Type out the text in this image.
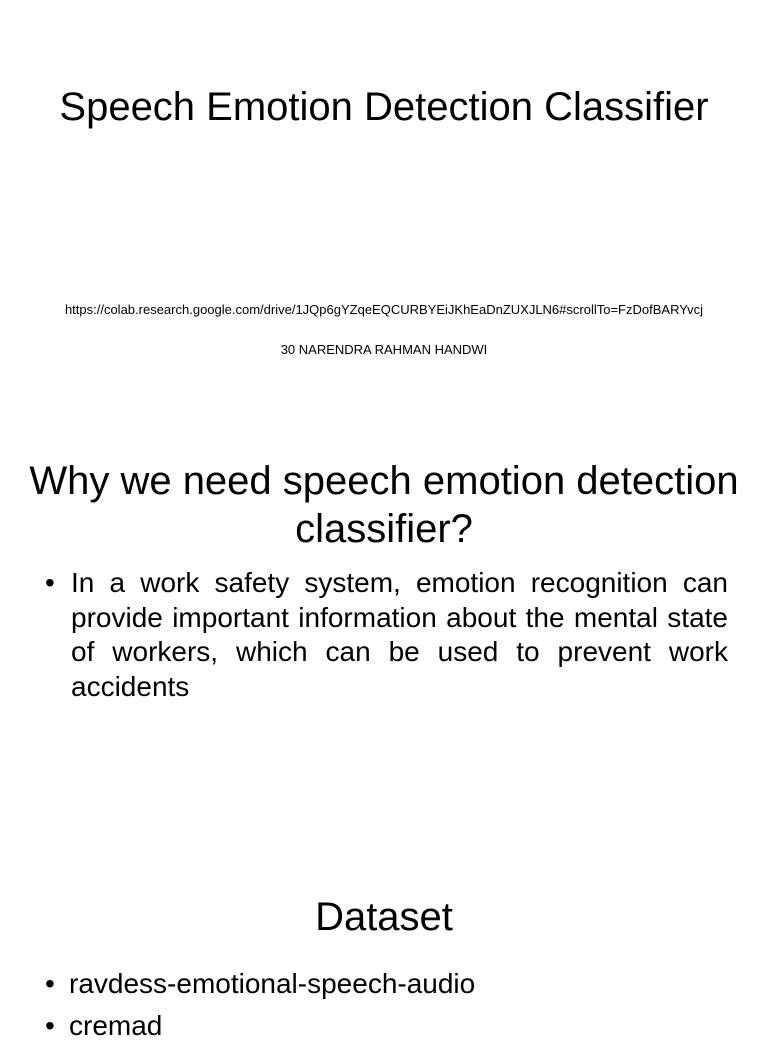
Speech Emotion Detection Classifier
https://colab.research.google.com/drive/1JQp6gYZqeEQCURBYEiJKhEaDnZUXJLN6#scrollTo=FzDofBARYvcj
30 NARENDRA RAHMAN HANDWI
Why we need speech emotion detection classifier?
• In a work safety system, emotion recognition can provide important information about the mental state of workers, which can be used to prevent work accidents
Dataset
• ravdess-emotional-speech-audio
• cremad
